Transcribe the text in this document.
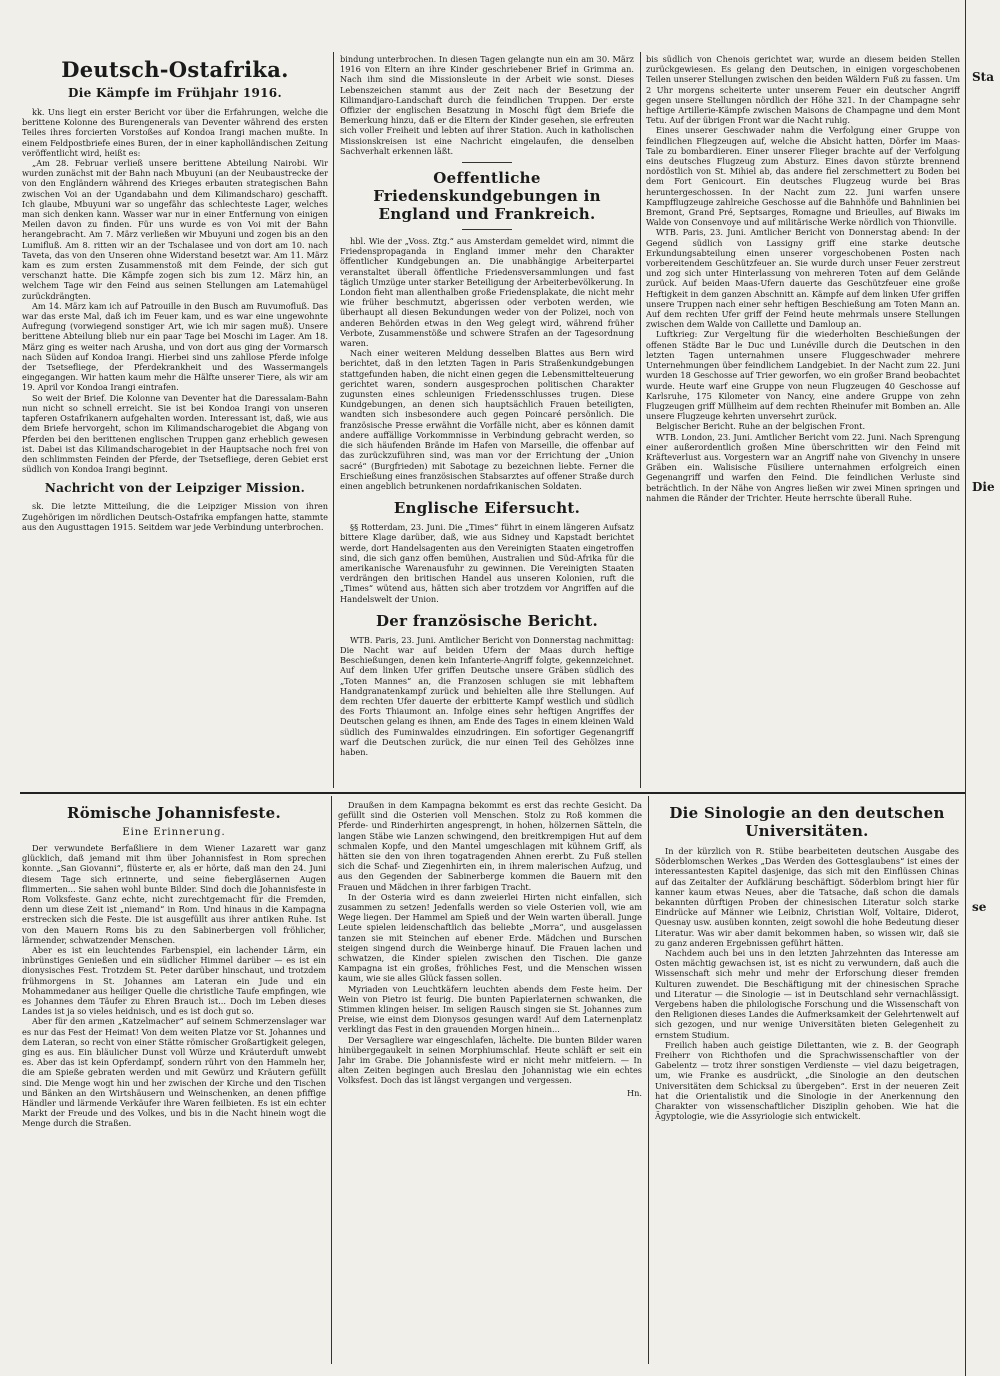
Deutsch-Ostafrika.
Die Kämpfe im Frühjahr 1916.

kk. Uns liegt ein erster Bericht vor über die Erfahrungen, welche die berittene Kolonne des Burengenerals van Deventer während des ersten Teiles ihres forcierten Vorstoßes auf Kondoa Irangi machen mußte. In einem Feldpostbriefe eines Buren, der in einer kapholländischen Zeitung veröffentlicht wird, heißt es:

„Am 28. Februar verließ unsere berittene Abteilung Nairobi. Wir wurden zunächst mit der Bahn nach Mbuyuni (an der Neubaustrecke der von den Engländern während des Krieges erbauten strategischen Bahn zwischen Voi an der Ugandabahn und dem Kilimandscharo) geschafft. Ich glaube, Mbuyuni war so ungefähr das schlechteste Lager, welches man sich denken kann. Wasser war nur in einer Entfernung von einigen Meilen davon zu finden. Für uns wurde es von Voi mit der Bahn herangebracht. Am 7. März verließen wir Mbuyuni und zogen bis an den Lumifluß. Am 8. ritten wir an der Tschalasee und von dort am 10. nach Taveta, das von den Unseren ohne Widerstand besetzt war. Am 11. März kam es zum ersten Zusammenstoß mit dem Feinde, der sich gut verschanzt hatte. Die Kämpfe zogen sich bis zum 12. März hin, an welchem Tage wir den Feind aus seinen Stellungen am Latemahügel zurückdrängten.

Am 14. März kam ich auf Patrouille in den Busch am Ruvumofluß. Das war das erste Mal, daß ich im Feuer kam, und es war eine ungewohnte Aufregung (vorwiegend sonstiger Art, wie ich mir sagen muß). Unsere berittene Abteilung blieb nur ein paar Tage bei Moschi im Lager. Am 18. März ging es weiter nach Arusha, und von dort aus ging der Vormarsch nach Süden auf Kondoa Irangi. Hierbei sind uns zahllose Pferde infolge der Tsetsefliege, der Pferdekrankheit und des Wassermangels eingegangen. Wir hatten kaum mehr die Hälfte unserer Tiere, als wir am 19. April vor Kondoa Irangi eintrafen.

So weit der Brief. Die Kolonne van Deventer hat die Daressalam-Bahn nun nicht so schnell erreicht. Sie ist bei Kondoa Irangi von unseren tapferen Ostafrikanern aufgehalten worden. Interessant ist, daß, wie aus dem Briefe hervorgeht, schon im Kilimandscharogebiet die Abgang von Pferden bei den berittenen englischen Truppen ganz erheblich gewesen ist. Dabei ist das Kilimandscharogebiet in der Hauptsache noch frei von den schlimmsten Feinden der Pferde, der Tsetsefliege, deren Gebiet erst südlich von Kondoa Irangi beginnt.

Nachricht von der Leipziger Mission.

sk. Die letzte Mitteilung, die die Leipziger Mission von ihren Zugehörigen im nördlichen Deutsch-Ostafrika empfangen hatte, stammte aus den Augusttagen 1915. Seitdem war jede Verbindung unterbrochen.

bindung unterbrochen. In diesen Tagen gelangte nun ein am 30. März 1916 von Eltern an ihre Kinder geschriebener Brief in Grimma an. Nach ihm sind die Missionsleute in der Arbeit wie sonst. Dieses Lebenszeichen stammt aus der Zeit nach der Besetzung der Kilimandjaro-Landschaft durch die feindlichen Truppen. Der erste Offizier der englischen Besatzung in Moschi fügt dem Briefe die Bemerkung hinzu, daß er die Eltern der Kinder gesehen, sie erfreuten sich voller Freiheit und lebten auf ihrer Station. Auch in katholischen Missionskreisen ist eine Nachricht eingelaufen, die denselben Sachverhalt erkennen läßt.

Oeffentliche Friedenskundgebungen in England und Frankreich.

hbl. Wie der „Voss. Ztg.“ aus Amsterdam gemeldet wird, nimmt die Friedenspropaganda in England immer mehr den Charakter öffentlicher Kundgebungen an. Die unabhängige Arbeiterpartei veranstaltet überall öffentliche Friedensversammlungen und fast täglich Umzüge unter starker Beteiligung der Arbeiterbevölkerung. In London fieht man allenthalben große Friedensplakate, die nicht mehr wie früher beschmutzt, abgerissen oder verboten werden, wie überhaupt all diesen Bekundungen weder von der Polizei, noch von anderen Behörden etwas in den Weg gelegt wird, während früher Verbote, Zusammenstöße und schwere Strafen an der Tagesordnung waren.

Nach einer weiteren Meldung desselben Blattes aus Bern wird berichtet, daß in den letzten Tagen in Paris Straßenkundgebungen stattgefunden haben, die nicht einen gegen die Lebensmittelteuerung gerichtet waren, sondern ausgesprochen politischen Charakter zugunsten eines schleunigen Friedensschlusses trugen. Diese Kundgebungen, an denen sich hauptsächlich Frauen beteiligten, wandten sich insbesondere auch gegen Poincaré persönlich. Die französische Presse erwähnt die Vorfälle nicht, aber es können damit andere auffällige Vorkommnisse in Verbindung gebracht werden, so die sich häufenden Brände im Hafen von Marseille, die offenbar auf das zurückzuführen sind, was man vor der Errichtung der „Union sacré“ (Burgfrieden) mit Sabotage zu bezeichnen liebte. Ferner die Erschießung eines französischen Stabsarztes auf offener Straße durch einen angeblich betrunkenen nordafrikanischen Soldaten.

Englische Eifersucht.

§§ Rotterdam, 23. Juni. Die „Times“ führt in einem längeren Aufsatz bittere Klage darüber, daß, wie aus Sidney und Kapstadt berichtet werde, dort Handelsagenten aus den Vereinigten Staaten eingetroffen sind, die sich ganz offen bemühen, Australien und Süd-Afrika für die amerikanische Warenausfuhr zu gewinnen. Die Vereinigten Staaten verdrängen den britischen Handel aus unseren Kolonien, ruft die „Times“ wütend aus, hätten sich aber trotzdem vor Angriffen auf die Handelswelt der Union.

Der französische Bericht.

WTB. Paris, 23. Juni. Amtlicher Bericht von Donnerstag nachmittag: Die Nacht war auf beiden Ufern der Maas durch heftige Beschießungen, denen kein Infanterie-Angriff folgte, gekennzeichnet. Auf dem linken Ufer griffen Deutsche unsere Gräben südlich des „Toten Mannes“ an, die Franzosen schlugen sie mit lebhaftem Handgranatenkampf zurück und behielten alle ihre Stellungen. Auf dem rechten Ufer dauerte der erbitterte Kampf westlich und südlich des Forts Thiaumont an. Infolge eines sehr heftigen Angriffes der Deutschen gelang es ihnen, am Ende des Tages in einem kleinen Wald südlich des Fuminwaldes einzudringen. Ein sofortiger Gegenangriff warf die Deutschen zurück, die nur einen Teil des Gehölzes inne haben.

bis südlich von Chenois gerichtet war, wurde an diesem beiden Stellen zurückgewiesen. Es gelang den Deutschen, in einigen vorgeschobenen Teilen unserer Stellungen zwischen den beiden Wäldern Fuß zu fassen. Um 2 Uhr morgens scheiterte unter unserem Feuer ein deutscher Angriff gegen unsere Stellungen nördlich der Höhe 321. In der Champagne sehr heftige Artillerie-Kämpfe zwischen Maisons de Champagne und dem Mont Tetu. Auf der übrigen Front war die Nacht ruhig.

Eines unserer Geschwader nahm die Verfolgung einer Gruppe von feindlichen Fliegzeugen auf, welche die Absicht hatten, Dörfer im Maas-Tale zu bombardieren. Einer unserer Flieger brachte auf der Verfolgung eins deutsches Flugzeug zum Absturz. Eines davon stürzte brennend nordöstlich von St. Mihiel ab, das andere fiel zerschmettert zu Boden bei dem Fort Genicourt. Ein deutsches Flugzeug wurde bei Bras heruntergeschossen. In der Nacht zum 22. Juni warfen unsere Kampfflugzeuge zahlreiche Geschosse auf die Bahnhöfe und Bahnlinien bei Bremont, Grand Pré, Septsarges, Romagne und Brieulles, auf Biwaks im Walde von Consenvoye und auf militärische Werke nördlich von Thionville.

WTB. Paris, 23. Juni. Amtlicher Bericht von Donnerstag abend: In der Gegend südlich von Lassigny griff eine starke deutsche Erkundungsabteilung einen unserer vorgeschobenen Posten nach vorbereitendem Geschützfeuer an. Sie wurde durch unser Feuer zerstreut und zog sich unter Hinterlassung von mehreren Toten auf dem Gelände zurück. Auf beiden Maas-Ufern dauerte das Geschützfeuer eine große Heftigkeit in dem ganzen Abschnitt an. Kämpfe auf dem linken Ufer griffen unsere Truppen nach einer sehr heftigen Beschießung am Toten Mann an. Auf dem rechten Ufer griff der Feind heute mehrmals unsere Stellungen zwischen dem Walde von Caillette und Damloup an.

Luftkrieg: Zur Vergeltung für die wiederholten Beschießungen der offenen Städte Bar le Duc und Lunéville durch die Deutschen in den letzten Tagen unternahmen unsere Fluggeschwader mehrere Unternehmungen über feindlichem Landgebiet. In der Nacht zum 22. Juni wurden 18 Geschosse auf Trier geworfen, wo ein großer Brand beobachtet wurde. Heute warf eine Gruppe von neun Flugzeugen 40 Geschosse auf Karlsruhe, 175 Kilometer von Nancy, eine andere Gruppe von zehn Flugzeugen griff Müllheim auf dem rechten Rheinufer mit Bomben an. Alle unsere Flugzeuge kehrten unversehrt zurück.

Belgischer Bericht. Ruhe an der belgischen Front.

WTB. London, 23. Juni. Amtlicher Bericht vom 22. Juni. Nach Sprengung einer außerordentlich großen Mine überschritten wir den Feind mit Kräfteverlust aus. Vorgestern war an Angriff nahe von Givenchy in unsere Gräben ein. Walisische Füsiliere unternahmen erfolgreich einen Gegenangriff und warfen den Feind. Die feindlichen Verluste sind beträchtlich. In der Nähe von Angres ließen wir zwei Minen springen und nahmen die Ränder der Trichter. Heute herrschte überall Ruhe.

Sta
Die
se
Römische Johannisfeste.
Eine Erinnerung.

Der verwundete Berfaßliere in dem Wiener Lazarett war ganz glücklich, daß jemand mit ihm über Johannisfest in Rom sprechen konnte. „San Giovanni“, flüsterte er, als er hörte, daß man den 24. Juni diesem Tage sich erinnerte, und seine fiebergläsernen Augen flimmerten... Sie sahen wohl bunte Bilder. Sind doch die Johannisfeste in Rom Volksfeste. Ganz echte, nicht zurechtgemacht für die Fremden, denn um diese Zeit ist „niemand“ in Rom. Und hinaus in die Kampagna erstrecken sich die Feste. Die ist ausgefüllt aus ihrer antiken Ruhe. Ist von den Mauern Roms bis zu den Sabinerbergen voll fröhlicher, lärmender, schwatzender Menschen.

Aber es ist ein leuchtendes Farbenspiel, ein lachender Lärm, ein inbrünstiges Genießen und ein südlicher Himmel darüber — es ist ein dionysisches Fest. Trotzdem St. Peter darüber hinschaut, und trotzdem frühmorgens in St. Johannes am Lateran ein Jude und ein Mohammedaner aus heiliger Quelle die christliche Taufe empfingen, wie es Johannes dem Täufer zu Ehren Brauch ist... Doch im Leben dieses Landes ist ja so vieles heidnisch, und es ist doch gut so.

Aber für den armen „Katzelmacher“ auf seinem Schmerzenslager war es nur das Fest der Heimat! Von dem weiten Platze vor St. Johannes und dem Lateran, so recht von einer Stätte römischer Großartigkeit gelegen, ging es aus. Ein bläulicher Dunst voll Würze und Kräuterduft umwebt es. Aber das ist kein Opferdampf, sondern rührt von den Hammeln her, die am Spieße gebraten werden und mit Gewürz und Kräutern gefüllt sind. Die Menge wogt hin und her zwischen der Kirche und den Tischen und Bänken an den Wirtshäusern und Weinschenken, an denen pfiffige Händler und lärmende Verkäufer ihre Waren feilbieten. Es ist ein echter Markt der Freude und des Volkes, und bis in die Nacht hinein wogt die Menge durch die Straßen.

Draußen in dem Kampagna bekommt es erst das rechte Gesicht. Da gefüllt sind die Osterien voll Menschen. Stolz zu Roß kommen die Pferde- und Rinderhirten angesprengt, in hohen, hölzernen Sätteln, die langen Stäbe wie Lanzen schwingend, den breitkrempigen Hut auf dem schmalen Kopfe, und den Mantel umgeschlagen mit kühnem Griff, als hätten sie den von ihren togatragenden Ahnen ererbt. Zu Fuß stellen sich die Schaf- und Ziegenhirten ein, in ihrem malerischen Aufzug, und aus den Gegenden der Sabinerberge kommen die Bauern mit den Frauen und Mädchen in ihrer farbigen Tracht.

In der Osteria wird es dann zweierlei Hirten nicht einfallen, sich zusammen zu setzen! Jedenfalls werden so viele Osterien voll, wie am Wege liegen. Der Hammel am Spieß und der Wein warten überall. Junge Leute spielen leidenschaftlich das beliebte „Morra“, und ausgelassen tanzen sie mit Steinchen auf ebener Erde. Mädchen und Burschen steigen singend durch die Weinberge hinauf. Die Frauen lachen und schwatzen, die Kinder spielen zwischen den Tischen. Die ganze Kampagna ist ein großes, fröhliches Fest, und die Menschen wissen kaum, wie sie alles Glück fassen sollen.

Myriaden von Leuchtkäfern leuchten abends dem Feste heim. Der Wein von Pietro ist feurig. Die bunten Papierlaternen schwanken, die Stimmen klingen heiser. Im seligen Rausch singen sie St. Johannes zum Preise, wie einst dem Dionysos gesungen ward! Auf dem Laternenplatz verklingt das Fest in den grauenden Morgen hinein...

Der Versagliere war eingeschlafen, lächelte. Die bunten Bilder waren hinübergegaukelt in seinen Morphiumschlaf. Heute schläft er seit ein Jahr im Grabe. Die Johannisfeste wird er nicht mehr mitfeiern. — In alten Zeiten begingen auch Breslau den Johannistag wie ein echtes Volksfest. Doch das ist längst vergangen und vergessen.

Hn.

Die Sinologie an den deutschen Universitäten.

In der kürzlich von R. Stübe bearbeiteten deutschen Ausgabe des Söderblomschen Werkes „Das Werden des Gottesglaubens“ ist eines der interessantesten Kapitel dasjenige, das sich mit den Einflüssen Chinas auf das Zeitalter der Aufklärung beschäftigt. Söderblom bringt hier für kanner kaum etwas Neues, aber die Tatsache, daß schon die damals bekannten dürftigen Proben der chinesischen Literatur solch starke Eindrücke auf Männer wie Leibniz, Christian Wolf, Voltaire, Diderot, Quesnay usw. ausüben konnten, zeigt sowohl die hohe Bedeutung dieser Literatur. Was wir aber damit bekommen haben, so wissen wir, daß sie zu ganz anderen Ergebnissen geführt hätten.

Nachdem auch bei uns in den letzten Jahrzehnten das Interesse am Osten mächtig gewachsen ist, ist es nicht zu verwundern, daß auch die Wissenschaft sich mehr und mehr der Erforschung dieser fremden Kulturen zuwendet. Die Beschäftigung mit der chinesischen Sprache und Literatur — die Sinologie — ist in Deutschland sehr vernachlässigt. Vergebens haben die philologische Forschung und die Wissenschaft von den Religionen dieses Landes die Aufmerksamkeit der Gelehrtenwelt auf sich gezogen, und nur wenige Universitäten bieten Gelegenheit zu ernstem Studium.

Freilich haben auch geistige Dilettanten, wie z. B. der Geograph Freiherr von Richthofen und die Sprachwissenschaftler von der Gabelentz — trotz ihrer sonstigen Verdienste — viel dazu beigetragen, um, wie Franke es ausdrückt, „die Sinologie an den deutschen Universitäten dem Schicksal zu übergeben“. Erst in der neueren Zeit hat die Orientalistik und die Sinologie in der Anerkennung den Charakter von wissenschaftlicher Disziplin gehoben. Wie hat die Ägyptologie, wie die Assyriologie sich entwickelt.
